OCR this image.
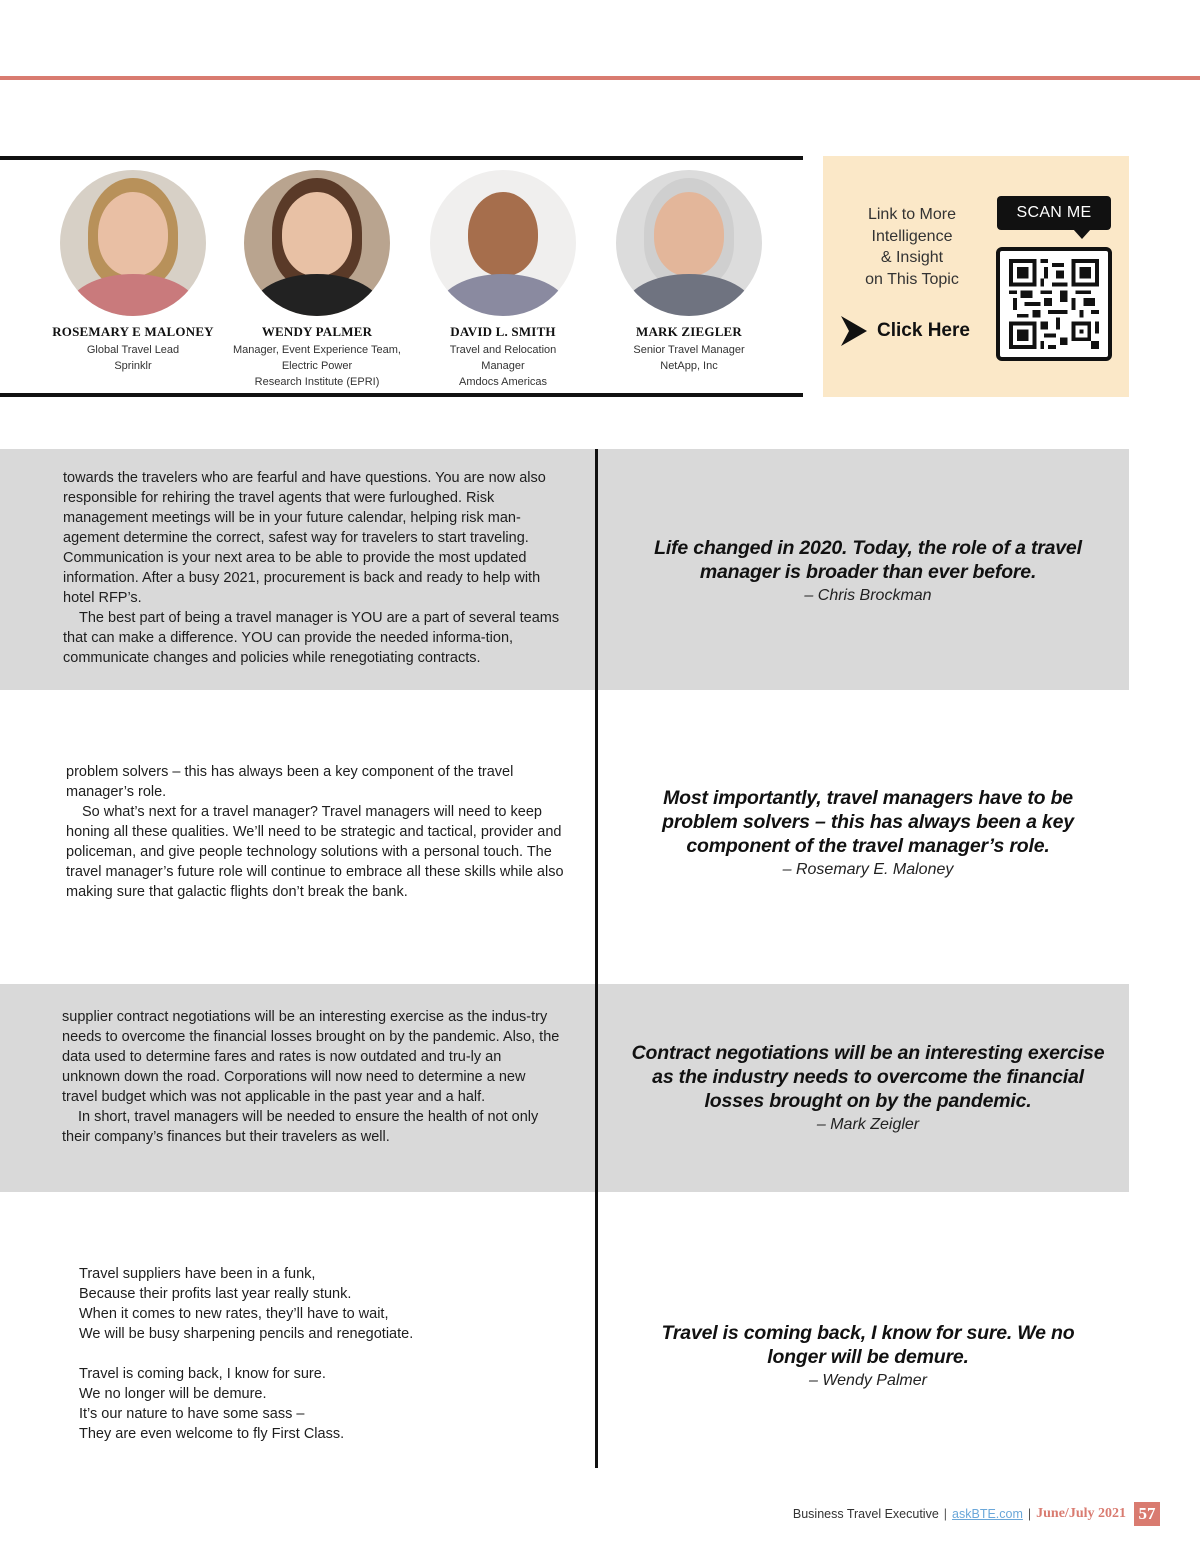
ROSEMARY E MALONEY
Global Travel Lead
Sprinklr
WENDY PALMER
Manager, Event Experience Team,
Electric Power
Research Institute (EPRI)
DAVID L. SMITH
Travel and Relocation
Manager
Amdocs Americas
MARK ZIEGLER
Senior Travel Manager
NetApp, Inc
Link to More
Intelligence
& Insight
on This Topic
Click Here
SCAN ME

towards the travelers who are fearful and have questions. You are now also responsible for rehiring the travel agents that were furloughed. Risk management meetings will be in your future calendar, helping risk man-agement determine the correct, safest way for travelers to start traveling. Communication is your next area to be able to provide the most updated information. After a busy 2021, procurement is back and ready to help with hotel RFP’s.

The best part of being a travel manager is YOU are a part of several teams that can make a difference. YOU can provide the needed informa-tion, communicate changes and policies while renegotiating contracts.

Life changed in 2020. Today, the role of a travel manager is broader than ever before.
– Chris Brockman

problem solvers – this has always been a key component of the travel manager’s role.

So what’s next for a travel manager? Travel managers will need to keep honing all these qualities. We’ll need to be strategic and tactical, provider and policeman, and give people technology solutions with a personal touch. The travel manager’s future role will continue to embrace all these skills while also making sure that galactic flights don’t break the bank.

Most importantly, travel managers have to be problem solvers – this has always been a key component of the travel manager’s role.
– Rosemary E. Maloney

supplier contract negotiations will be an interesting exercise as the indus-try needs to overcome the financial losses brought on by the pandemic. Also, the data used to determine fares and rates is now outdated and tru-ly an unknown down the road. Corporations will now need to determine a new travel budget which was not applicable in the past year and a half.

In short, travel managers will be needed to ensure the health of not only their company’s finances but their travelers as well.

Contract negotiations will be an interesting exercise as the industry needs to overcome the financial losses brought on by the pandemic.
– Mark Zeigler

Travel suppliers have been in a funk,

Because their profits last year really stunk.

When it comes to new rates, they’ll have to wait,

We will be busy sharpening pencils and renegotiate.

Travel is coming back, I know for sure.

We no longer will be demure.

It’s our nature to have some sass –

They are even welcome to fly First Class.

Travel is coming back, I know for sure. We no longer will be demure.
– Wendy Palmer
Business Travel Executive | askBTE.com | June/July 2021 57
